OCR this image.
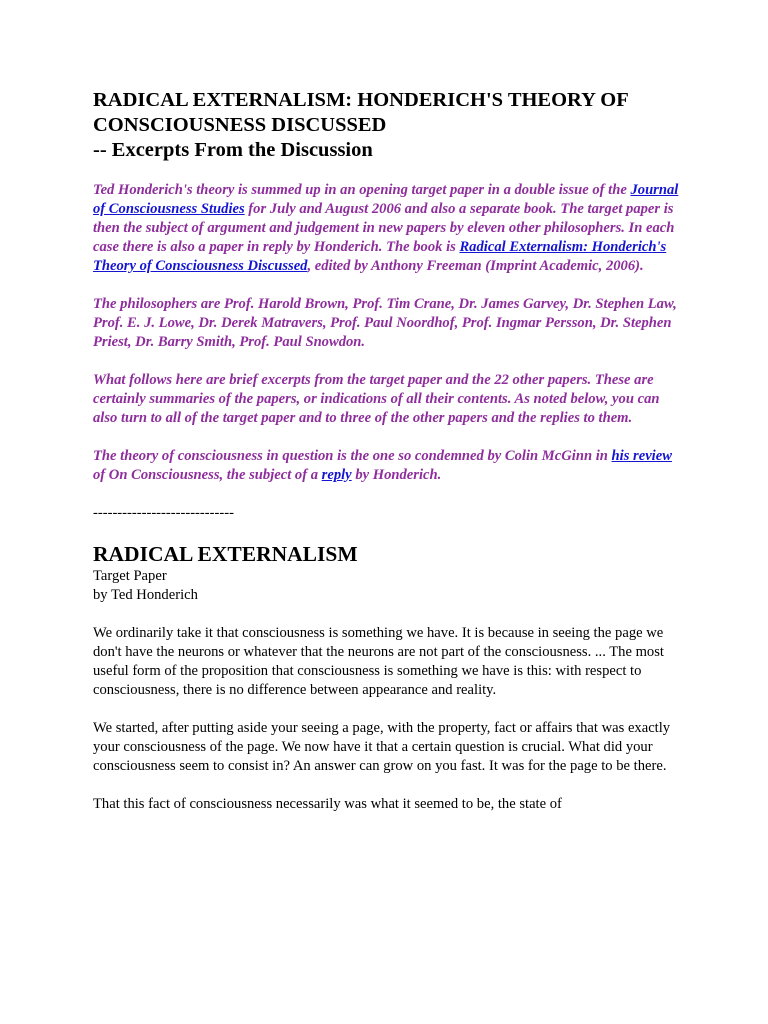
RADICAL EXTERNALISM: HONDERICH'S THEORY OF CONSCIOUSNESS DISCUSSED
-- Excerpts From the Discussion

Ted Honderich's theory is summed up in an opening target paper in a double issue of the Journal of Consciousness Studies for July and August 2006 and also a separate book. The target paper is then the subject of argument and judgement in new papers by eleven other philosophers. In each case there is also a paper in reply by Honderich. The book is Radical Externalism: Honderich's Theory of Consciousness Discussed, edited by Anthony Freeman (Imprint Academic, 2006).

The philosophers are Prof. Harold Brown, Prof. Tim Crane, Dr. James Garvey, Dr. Stephen Law, Prof. E. J. Lowe, Dr. Derek Matravers, Prof. Paul Noordhof, Prof. Ingmar Persson, Dr. Stephen Priest, Dr. Barry Smith, Prof. Paul Snowdon.

What follows here are brief excerpts from the target paper and the 22 other papers. These are certainly summaries of the papers, or indications of all their contents. As noted below, you can also turn to all of the target paper and to three of the other papers and the replies to them.

The theory of consciousness in question is the one so condemned by Colin McGinn in his review of On Consciousness, the subject of a reply by Honderich.

-----------------------------
RADICAL EXTERNALISM

Target Paper

by Ted Honderich

We ordinarily take it that consciousness is something we have. It is because in seeing the page we don't have the neurons or whatever that the neurons are not part of the consciousness. ... The most useful form of the proposition that consciousness is something we have is this: with respect to consciousness, there is no difference between appearance and reality.

We started, after putting aside your seeing a page, with the property, fact or affairs that was exactly your consciousness of the page. We now have it that a certain question is crucial. What did your consciousness seem to consist in? An answer can grow on you fast. It was for the page to be there.

That this fact of consciousness necessarily was what it seemed to be, the state of
